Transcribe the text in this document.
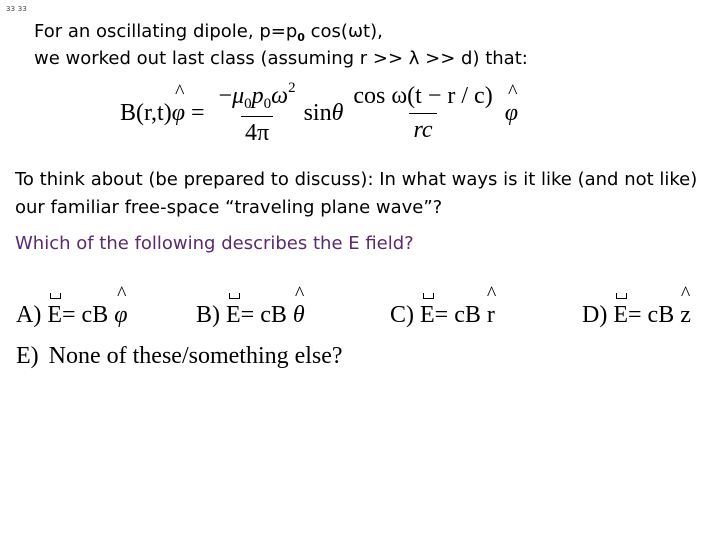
33 33
For an oscillating dipole, $p=p_0$ cos(ωt),
we worked out last class (assuming r >> λ >> d) that:
B(r,t) ^ $\varphi = \frac{-\mu_0p_0\omega^2}{4\pi}$ sin θ $\frac{\text{cos ω(t − r / c)}}{rc}$ ^ φ
To think about (be prepared to discuss): In what ways is it like (and not like) our familiar free-space “traveling plane wave”?
Which of the following describes the E field?
A) E= cB ^ φ	B) E= cB ^ θ	C) E= cB ^ r	D) E= cB ^ z
E) None of these/something else?
